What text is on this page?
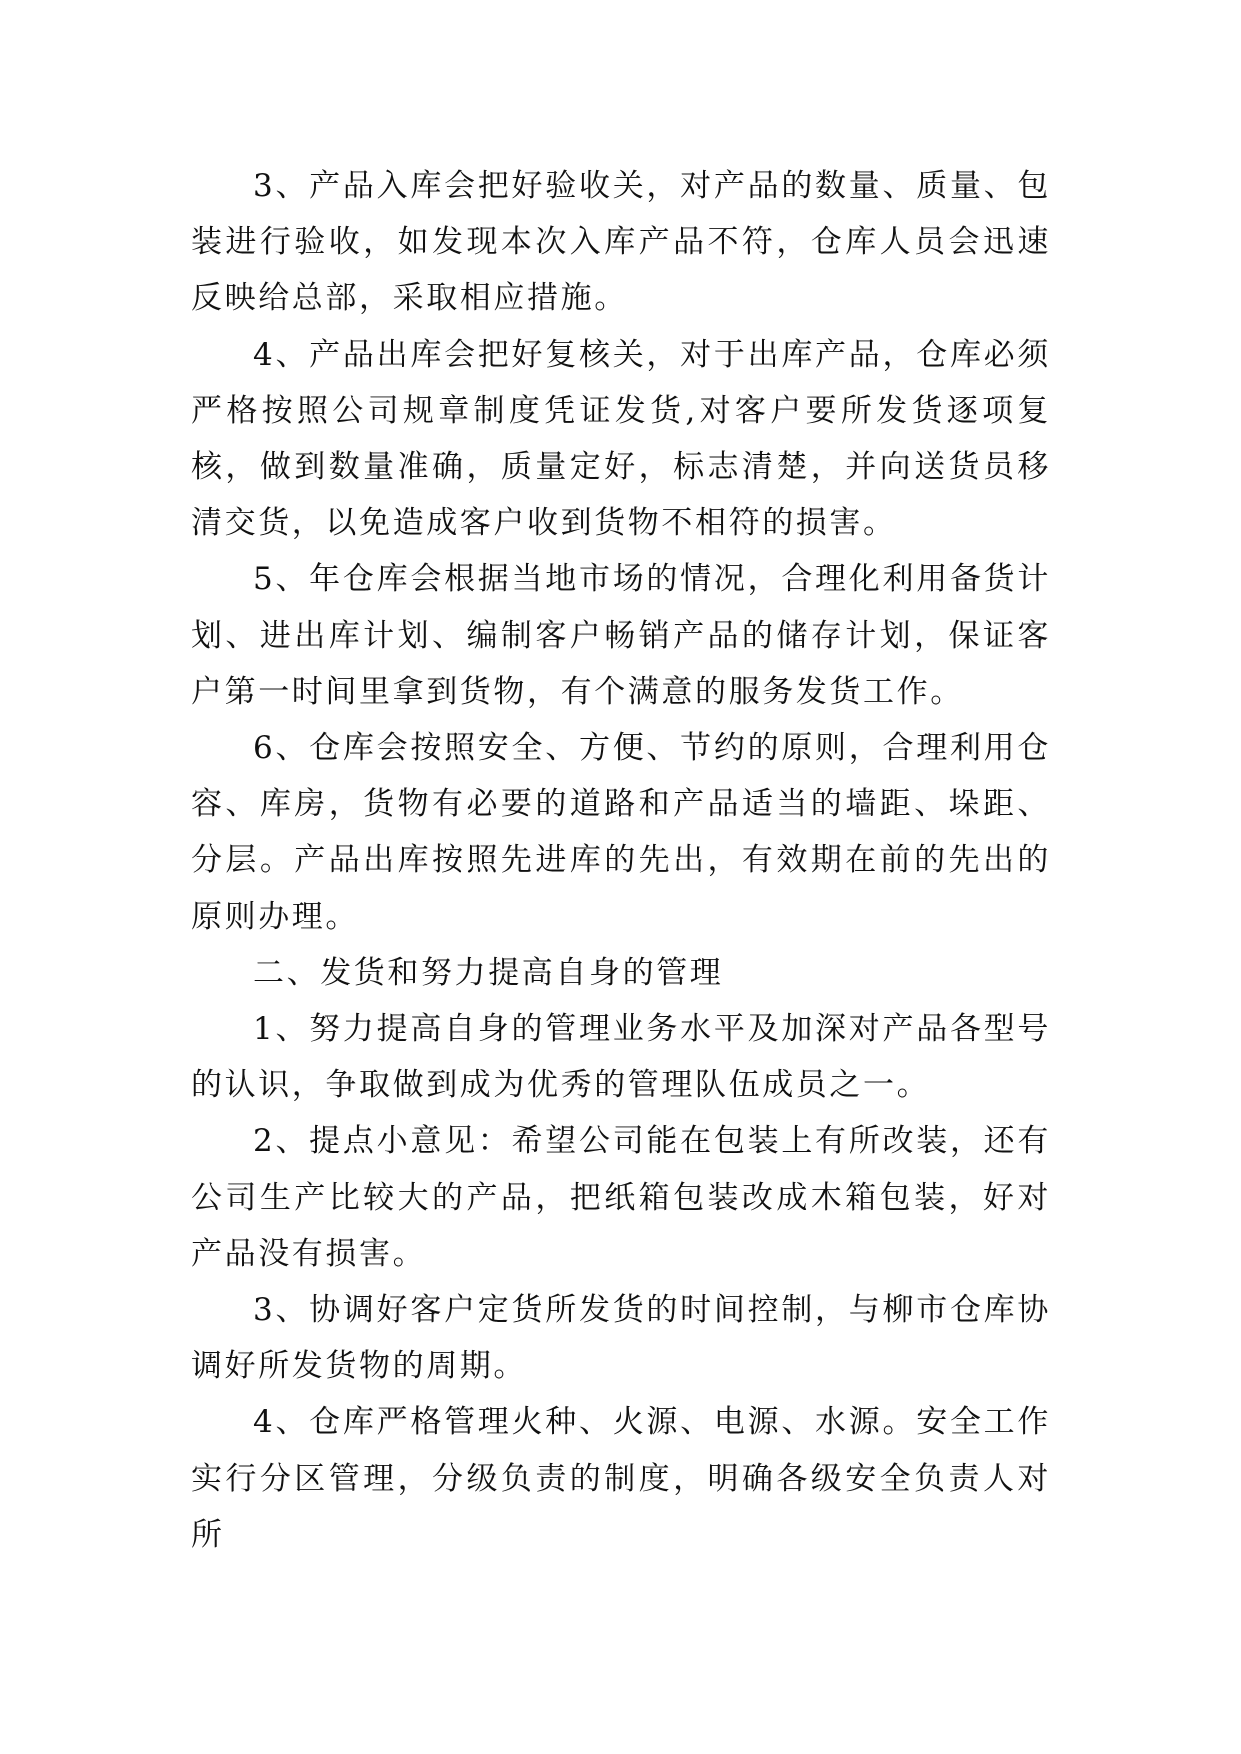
3、产品入库会把好验收关，对产品的数量、质量、包装进行验收，如发现本次入库产品不符，仓库人员会迅速反映给总部，采取相应措施。

4、产品出库会把好复核关，对于出库产品，仓库必须严格按照公司规章制度凭证发货,对客户要所发货逐项复核，做到数量准确，质量定好，标志清楚，并向送货员移清交货，以免造成客户收到货物不相符的损害。

5、年仓库会根据当地市场的情况，合理化利用备货计划、进出库计划、编制客户畅销产品的储存计划，保证客户第一时间里拿到货物，有个满意的服务发货工作。

6、仓库会按照安全、方便、节约的原则，合理利用仓容、库房，货物有必要的道路和产品适当的墙距、垛距、分层。产品出库按照先进库的先出，有效期在前的先出的原则办理。

二、发货和努力提高自身的管理

1、努力提高自身的管理业务水平及加深对产品各型号的认识，争取做到成为优秀的管理队伍成员之一。

2、提点小意见：希望公司能在包装上有所改装，还有公司生产比较大的产品，把纸箱包装改成木箱包装，好对产品没有损害。

3、协调好客户定货所发货的时间控制，与柳市仓库协调好所发货物的周期。

4、仓库严格管理火种、火源、电源、水源。安全工作实行分区管理，分级负责的制度，明确各级安全负责人对所
